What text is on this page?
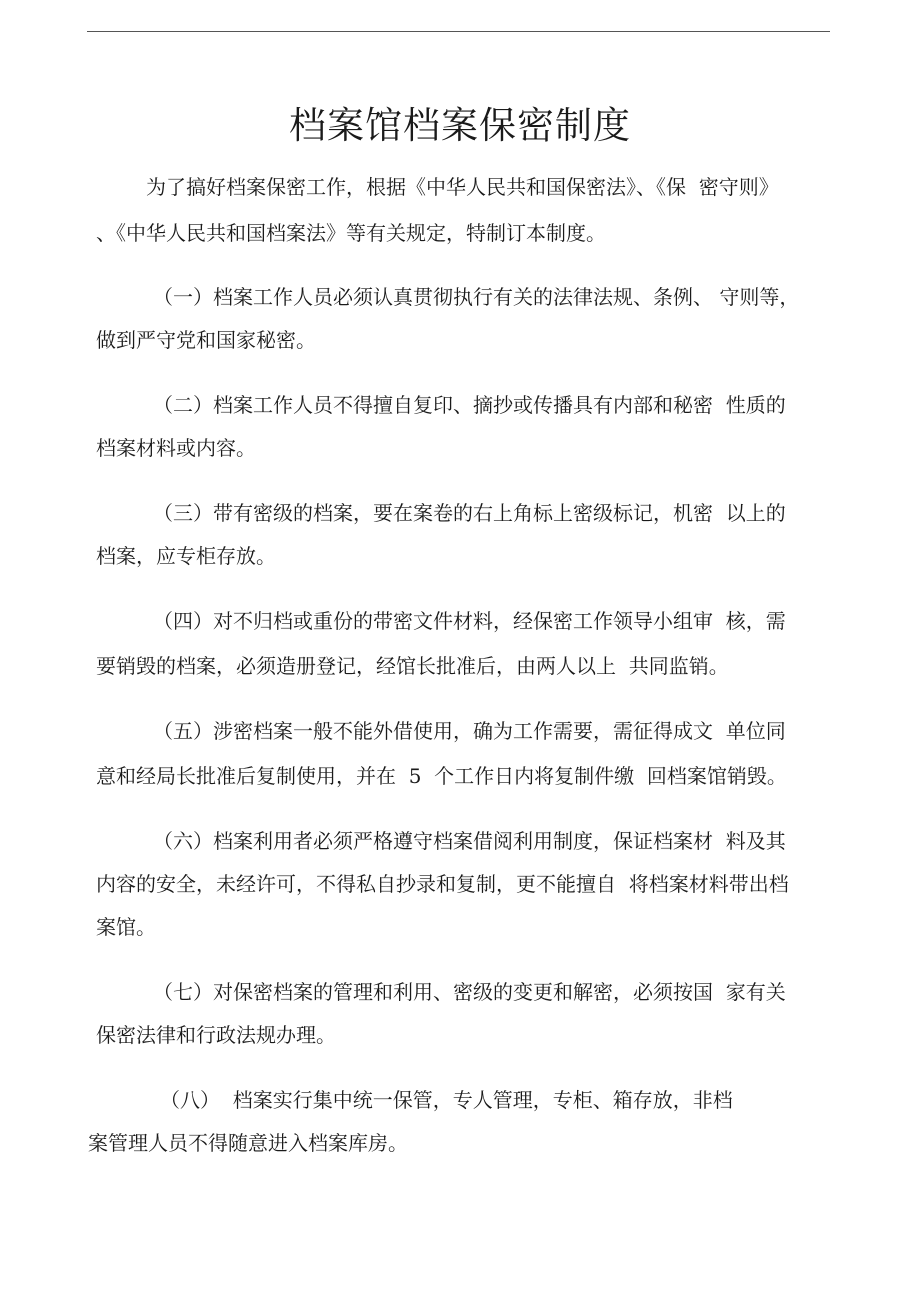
档案馆档案保密制度

为了搞好档案保密工作，根据《中华人民共和国保密法》、《保  密守则》

、《中华人民共和国档案法》等有关规定，特制订本制度。

（一）档案工作人员必须认真贯彻执行有关的法律法规、条例、 守则等，

做到严守党和国家秘密。

（二）档案工作人员不得擅自复印、摘抄或传播具有内部和秘密  性质的

档案材料或内容。

（三）带有密级的档案，要在案卷的右上角标上密级标记，机密  以上的

档案，应专柜存放。

（四）对不归档或重份的带密文件材料，经保密工作领导小组审  核，需

要销毁的档案，必须造册登记，经馆长批准后，由两人以上  共同监销。

（五）涉密档案一般不能外借使用，确为工作需要，需征得成文  单位同

意和经局长批准后复制使用，并在  5  个工作日内将复制件缴  回档案馆销毁。

（六）档案利用者必须严格遵守档案借阅利用制度，保证档案材  料及其

内容的安全，未经许可，不得私自抄录和复制，更不能擅自  将档案材料带出档

案馆。

（七）对保密档案的管理和利用、密级的变更和解密，必须按国  家有关

保密法律和行政法规办理。

（八）  档案实行集中统一保管，专人管理，专柜、箱存放，非档

案管理人员不得随意进入档案库房。
